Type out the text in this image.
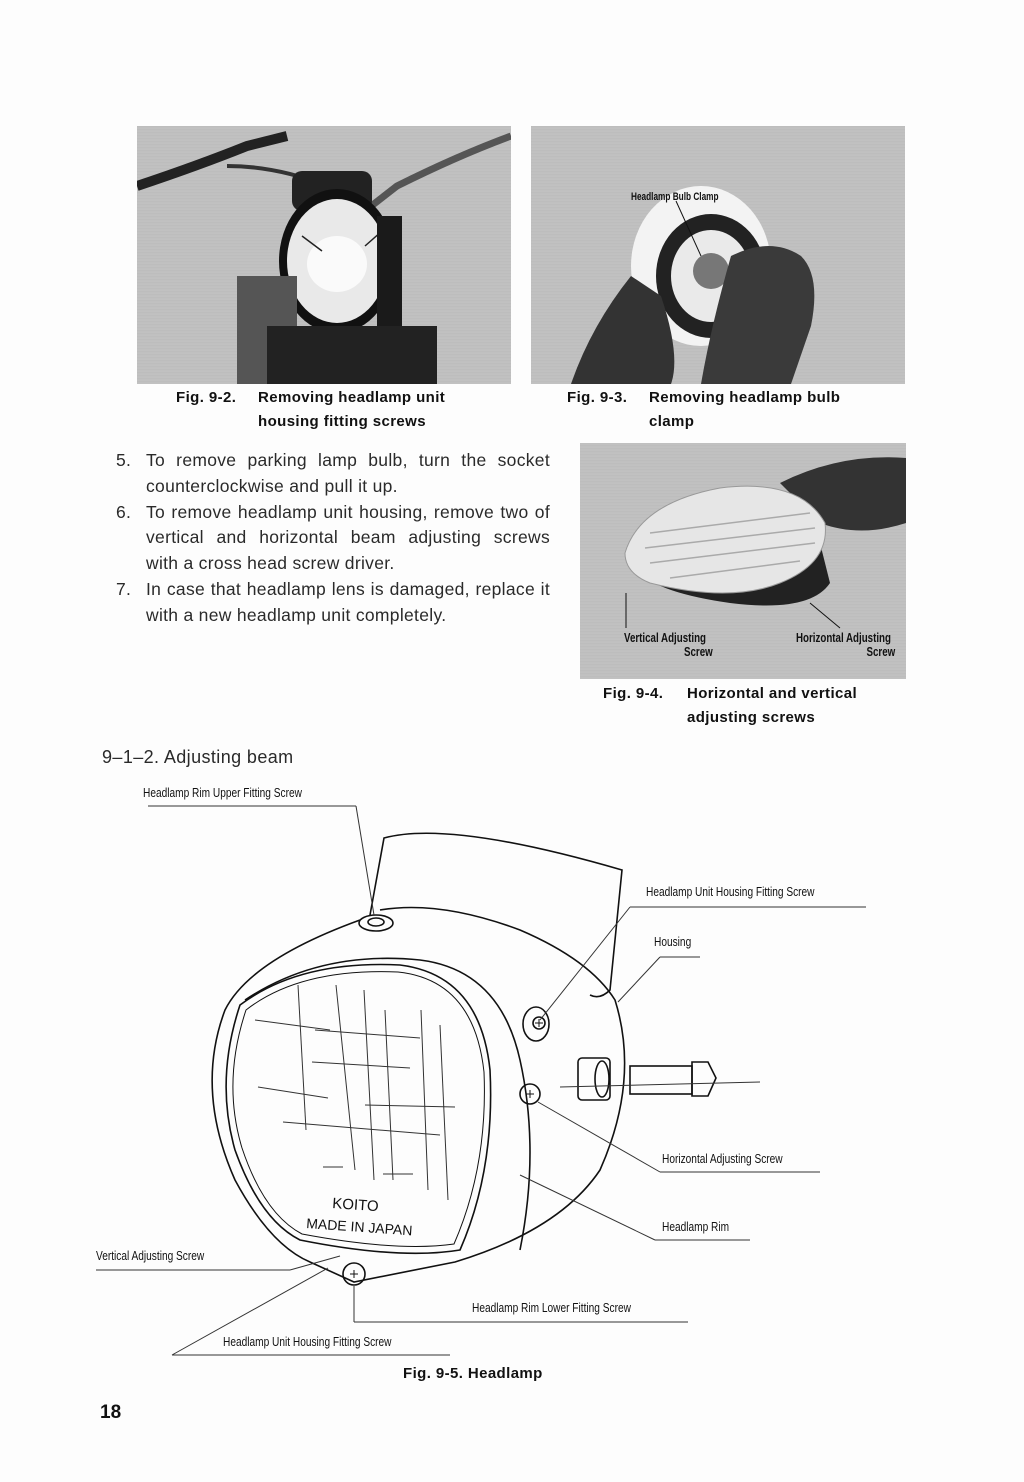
Fig. 9-2. Removing headlamp unit
housing fitting screws
Headlamp Bulb Clamp
Fig. 9-3. Removing headlamp bulb
clamp
5. To remove parking lamp bulb, turn the socket counterclockwise and pull it up.
6. To remove headlamp unit housing, remove two of vertical and horizontal beam adjusting screws with a cross head screw driver.
7. In case that headlamp lens is damaged, replace it with a new headlamp unit completely.
Vertical Adjusting
Screw
Horizontal Adjusting
Screw
Fig. 9-4. Horizontal and vertical
adjusting screws
9–1–2. Adjusting beam
KOITO
MADE IN JAPAN
Headlamp Rim Upper Fitting Screw
Headlamp Unit Housing Fitting Screw
Housing
Horizontal Adjusting Screw
Headlamp Rim
Vertical Adjusting Screw
Headlamp Rim Lower Fitting Screw
Headlamp Unit Housing Fitting Screw
Fig. 9-5. Headlamp
18
